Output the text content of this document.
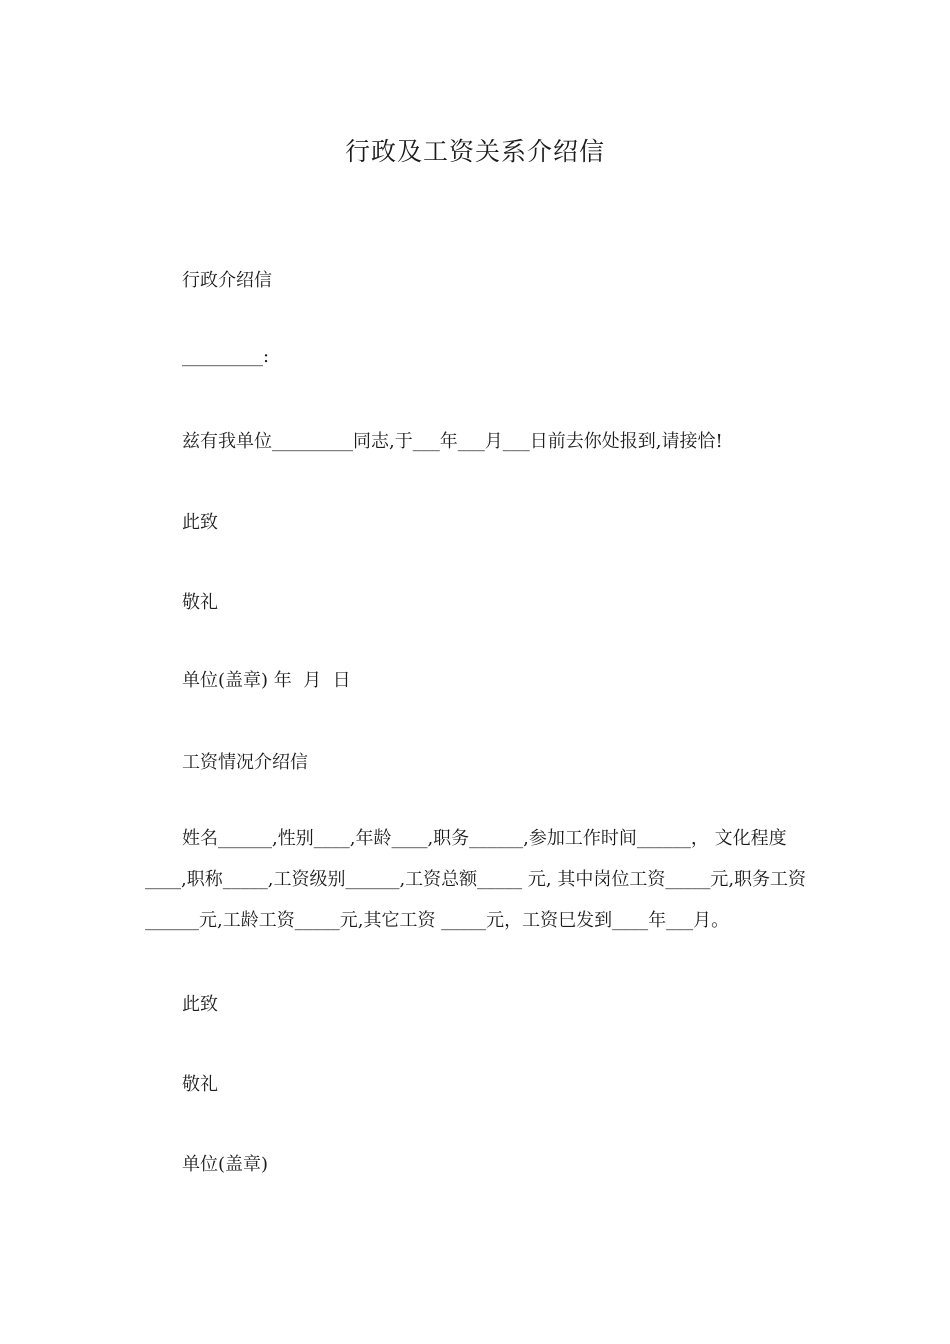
行政及工资关系介绍信
行政介绍信
_________:
兹有我单位_________同志,于___年___月___日前去你处报到,请接恰!
此致
敬礼
单位(盖章) 年  月  日
工资情况介绍信
姓名______,性别____,年龄____,职务______,参加工作时间______， 文化程度____,职称_____,工资级别______,工资总额_____ 元, 其中岗位工资_____元,职务工资______元,工龄工资_____元,其它工资 _____元，工资巳发到____年___月。
此致
敬礼
单位(盖章)
